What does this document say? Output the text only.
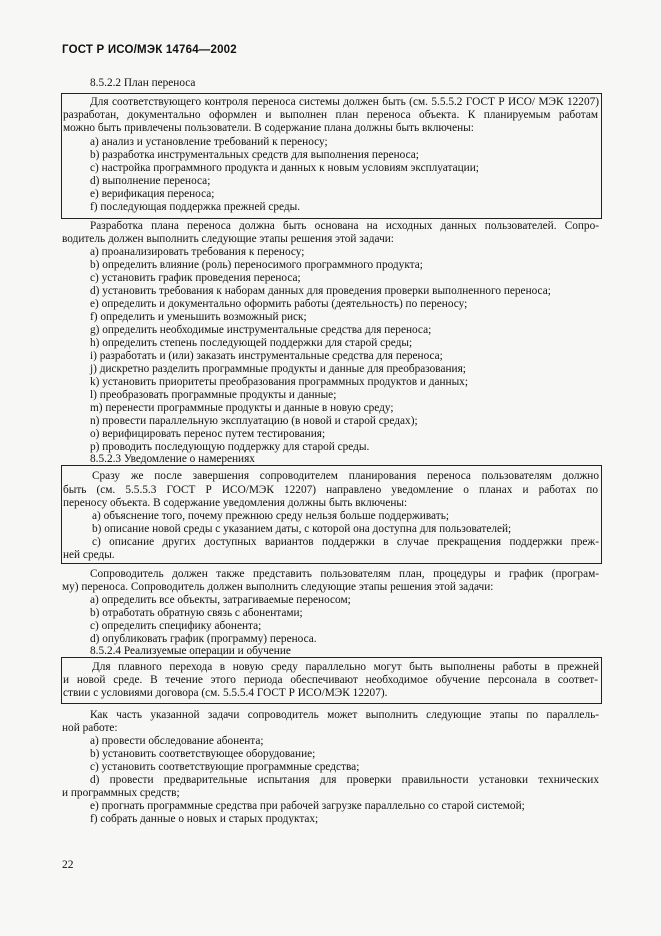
ГОСТ Р ИСО/МЭК 14764—2002
8.5.2.2 План переноса
Для соответствующего контроля переноса системы должен быть (см. 5.5.5.2 ГОСТ Р ИСО/ МЭК 12207)
разработан, документально оформлен и выполнен план переноса объекта. К планируемым работам
можно быть привлечены пользователи. В содержание плана должны быть включены:
a) анализ и установление требований к переносу;
b) разработка инструментальных средств для выполнения переноса;
c) настройка программного продукта и данных к новым условиям эксплуатации;
d) выполнение переноса;
e) верификация переноса;
f) последующая поддержка прежней среды.
Разработка плана переноса должна быть основана на исходных данных пользователей. Сопро-
водитель должен выполнить следующие этапы решения этой задачи:
a) проанализировать требования к переносу;
b) определить влияние (роль) переносимого программного продукта;
c) установить график проведения переноса;
d) установить требования к наборам данных для проведения проверки выполненного переноса;
e) определить и документально оформить работы (деятельность) по переносу;
f) определить и уменьшить возможный риск;
g) определить необходимые инструментальные средства для переноса;
h) определить степень последующей поддержки для старой среды;
i) разработать и (или) заказать инструментальные средства для переноса;
j) дискретно разделить программные продукты и данные для преобразования;
k) установить приоритеты преобразования программных продуктов и данных;
l) преобразовать программные продукты и данные;
m) перенести программные продукты и данные в новую среду;
n) провести параллельную эксплуатацию (в новой и старой средах);
o) верифицировать перенос путем тестирования;
p) проводить последующую поддержку для старой среды.
8.5.2.3 Уведомление о намерениях
Сразу же после завершения сопроводителем планирования переноса пользователям должно
быть (см. 5.5.5.3 ГОСТ Р ИСО/МЭК 12207) направлено уведомление о планах и работах по
переносу объекта. В содержание уведомления должны быть включены:
а) объяснение того, почему прежнюю среду нельзя больше поддерживать;
b) описание новой среды с указанием даты, с которой она доступна для пользователей;
c) описание других доступных вариантов поддержки в случае прекращения поддержки преж-
ней среды.
Сопроводитель должен также представить пользователям план, процедуры и график (програм-
му) переноса. Сопроводитель должен выполнить следующие этапы решения этой задачи:
a) определить все объекты, затрагиваемые переносом;
b) отработать обратную связь с абонентами;
c) определить специфику абонента;
d) опубликовать график (программу) переноса.
8.5.2.4 Реализуемые операции и обучение
Для плавного перехода в новую среду параллельно могут быть выполнены работы в прежней
и новой среде. В течение этого периода обеспечивают необходимое обучение персонала в соответ-
ствии с условиями договора (см. 5.5.5.4 ГОСТ Р ИСО/МЭК 12207).
Как часть указанной задачи сопроводитель может выполнить следующие этапы по параллель-
ной работе:
a) провести обследование абонента;
b) установить соответствующее оборудование;
c) установить соответствующие программные средства;
d) провести предварительные испытания для проверки правильности установки технических
и программных средств;
e) прогнать программные средства при рабочей загрузке параллельно со старой системой;
f) собрать данные о новых и старых продуктах;
22
